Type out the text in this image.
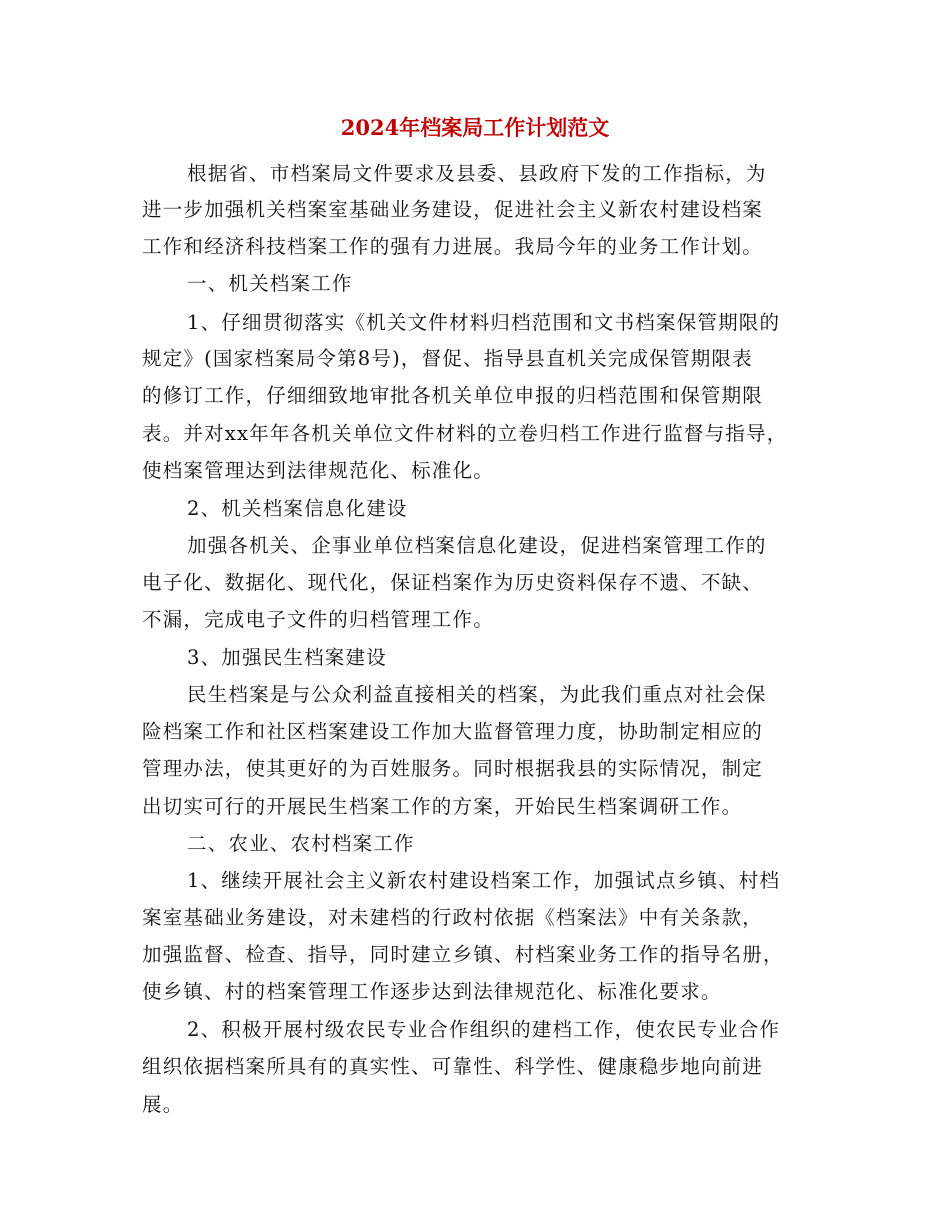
2024年档案局工作计划范文

根据省、市档案局文件要求及县委、县政府下发的工作指标，为

进一步加强机关档案室基础业务建设，促进社会主义新农村建设档案

工作和经济科技档案工作的强有力进展。我局今年的业务工作计划。

一、机关档案工作

1、仔细贯彻落实《机关文件材料归档范围和文书档案保管期限的

规定》(国家档案局令第8号)，督促、指导县直机关完成保管期限表

的修订工作，仔细细致地审批各机关单位申报的归档范围和保管期限

表。并对xx年年各机关单位文件材料的立卷归档工作进行监督与指导，

使档案管理达到法律规范化、标准化。

2、机关档案信息化建设

加强各机关、企事业单位档案信息化建设，促进档案管理工作的

电子化、数据化、现代化，保证档案作为历史资料保存不遗、不缺、

不漏，完成电子文件的归档管理工作。

3、加强民生档案建设

民生档案是与公众利益直接相关的档案，为此我们重点对社会保

险档案工作和社区档案建设工作加大监督管理力度，协助制定相应的

管理办法，使其更好的为百姓服务。同时根据我县的实际情况，制定

出切实可行的开展民生档案工作的方案，开始民生档案调研工作。

二、农业、农村档案工作

1、继续开展社会主义新农村建设档案工作，加强试点乡镇、村档

案室基础业务建设，对未建档的行政村依据《档案法》中有关条款，

加强监督、检查、指导，同时建立乡镇、村档案业务工作的指导名册，

使乡镇、村的档案管理工作逐步达到法律规范化、标准化要求。

2、积极开展村级农民专业合作组织的建档工作，使农民专业合作

组织依据档案所具有的真实性、可靠性、科学性、健康稳步地向前进

展。
